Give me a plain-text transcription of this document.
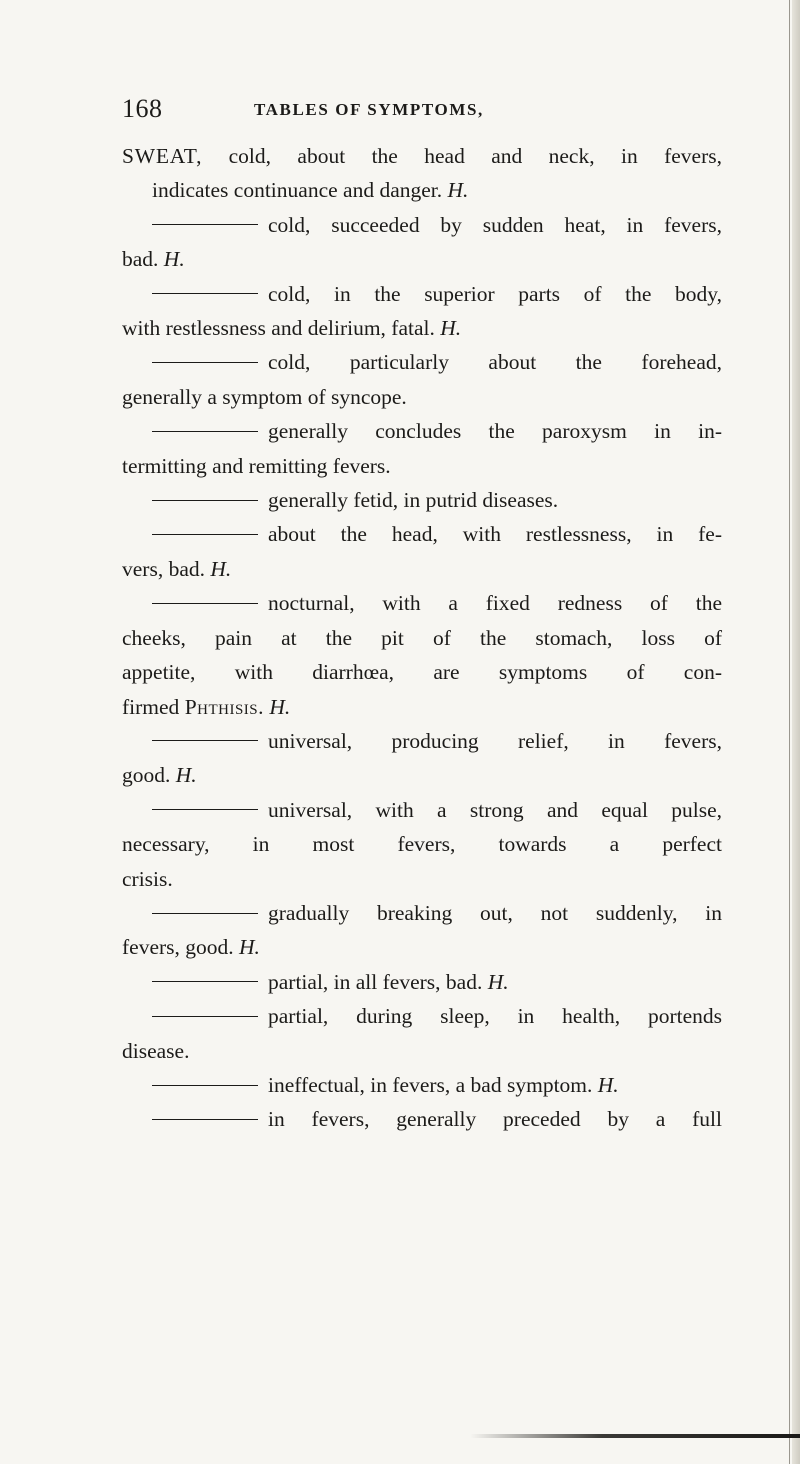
168	TABLES OF SYMPTOMS,
SWEAT, cold, about the head and neck, in fevers,
indicates continuance and danger. H.
cold, succeeded by sudden heat, in fevers,
bad. H.
cold, in the superior parts of the body,
with restlessness and delirium, fatal. H.
cold, particularly about the forehead,
generally a symptom of syncope.
generally concludes the paroxysm in in-
termitting and remitting fevers.
generally fetid, in putrid diseases.
about the head, with restlessness, in fe-
vers, bad. H.
nocturnal, with a fixed redness of the
cheeks, pain at the pit of the stomach, loss of
appetite, with diarrhœa, are symptoms of con-
firmed Phthisis. H.
universal, producing relief, in fevers,
good. H.
universal, with a strong and equal pulse,
necessary, in most fevers, towards a perfect
crisis.
gradually breaking out, not suddenly, in
fevers, good. H.
partial, in all fevers, bad. H.
partial, during sleep, in health, portends
disease.
ineffectual, in fevers, a bad symptom. H.
in fevers, generally preceded by a full
